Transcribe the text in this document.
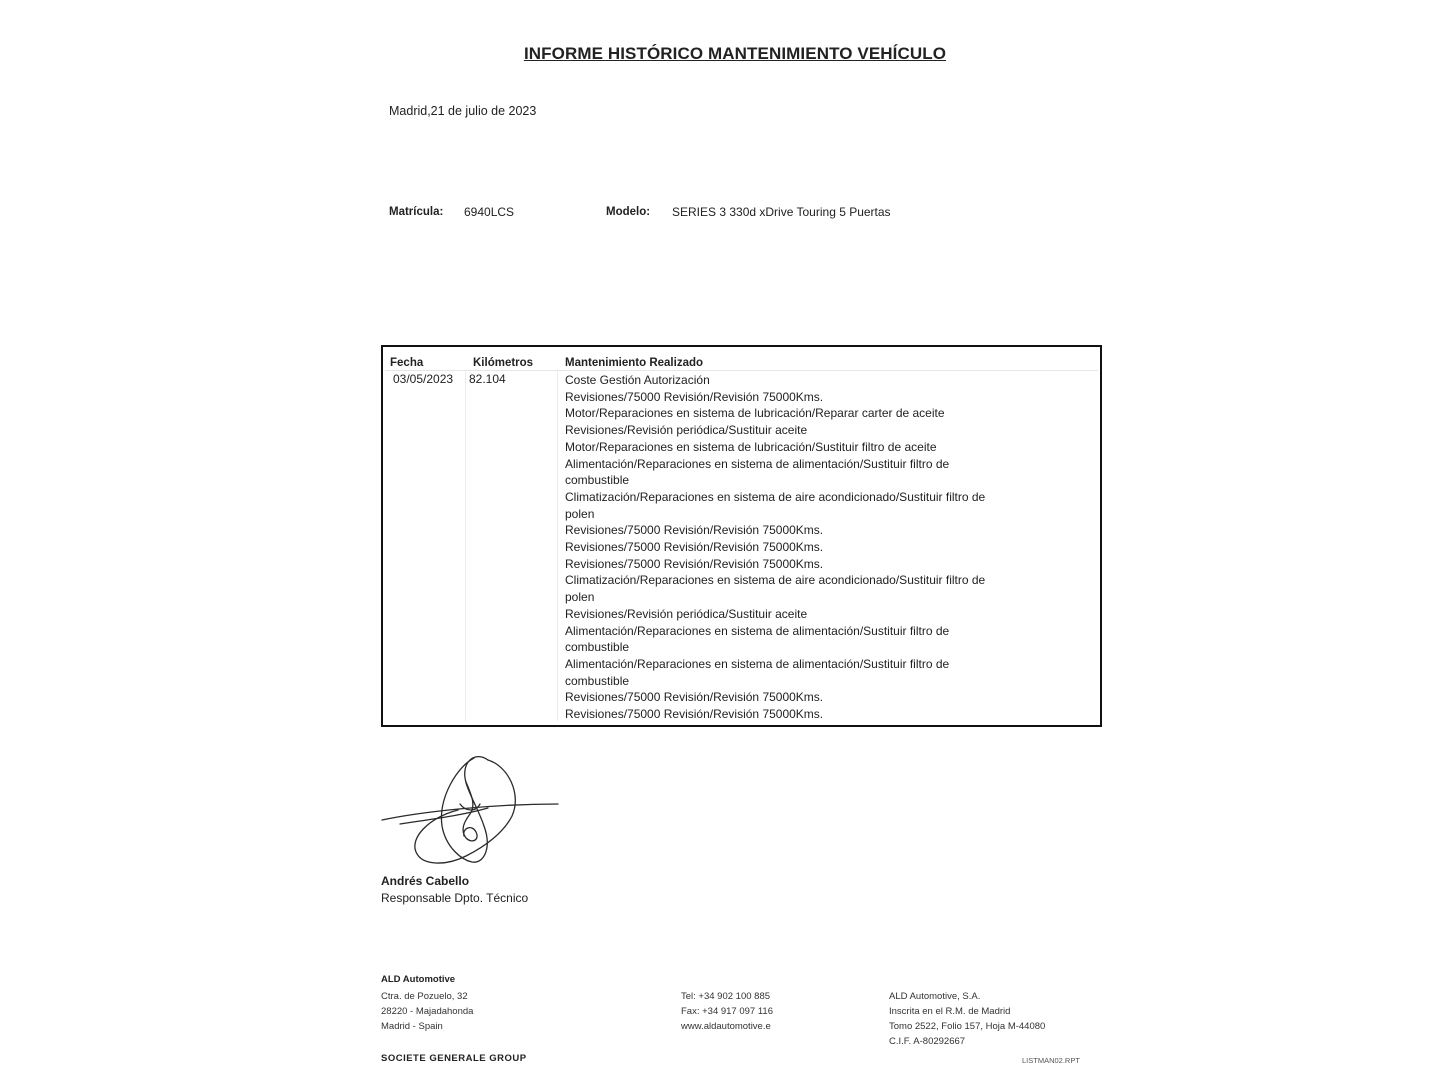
INFORME HISTÓRICO MANTENIMIENTO VEHÍCULO
Madrid,21 de julio de 2023
Matrícula: 6940LCS	Modelo: SERIES 3 330d xDrive Touring 5 Puertas
Fecha	Kilómetros	Mantenimiento Realizado
03/05/2023 82.104	Coste Gestión Autorización
Revisiones/75000 Revisión/Revisión 75000Kms.
Motor/Reparaciones en sistema de lubricación/Reparar carter de aceite
Revisiones/Revisión periódica/Sustituir aceite
Motor/Reparaciones en sistema de lubricación/Sustituir filtro de aceite
Alimentación/Reparaciones en sistema de alimentación/Sustituir filtro de
combustible
Climatización/Reparaciones en sistema de aire acondicionado/Sustituir filtro de
polen
Revisiones/75000 Revisión/Revisión 75000Kms.
Revisiones/75000 Revisión/Revisión 75000Kms.
Revisiones/75000 Revisión/Revisión 75000Kms.
Climatización/Reparaciones en sistema de aire acondicionado/Sustituir filtro de
polen
Revisiones/Revisión periódica/Sustituir aceite
Alimentación/Reparaciones en sistema de alimentación/Sustituir filtro de
combustible
Alimentación/Reparaciones en sistema de alimentación/Sustituir filtro de
combustible
Revisiones/75000 Revisión/Revisión 75000Kms.
Revisiones/75000 Revisión/Revisión 75000Kms.
Andrés Cabello
Responsable Dpto. Técnico
ALD Automotive
Ctra. de Pozuelo, 32
28220 - Majadahonda
Madrid - Spain
Tel: +34 902 100 885
Fax: +34 917 097 116
www.aldautomotive.e
ALD Automotive, S.A.
Inscrita en el R.M. de Madrid
Tomo 2522, Folio 157, Hoja M-44080
C.I.F. A-80292667
SOCIETE GENERALE GROUP	LISTMAN02.RPT
